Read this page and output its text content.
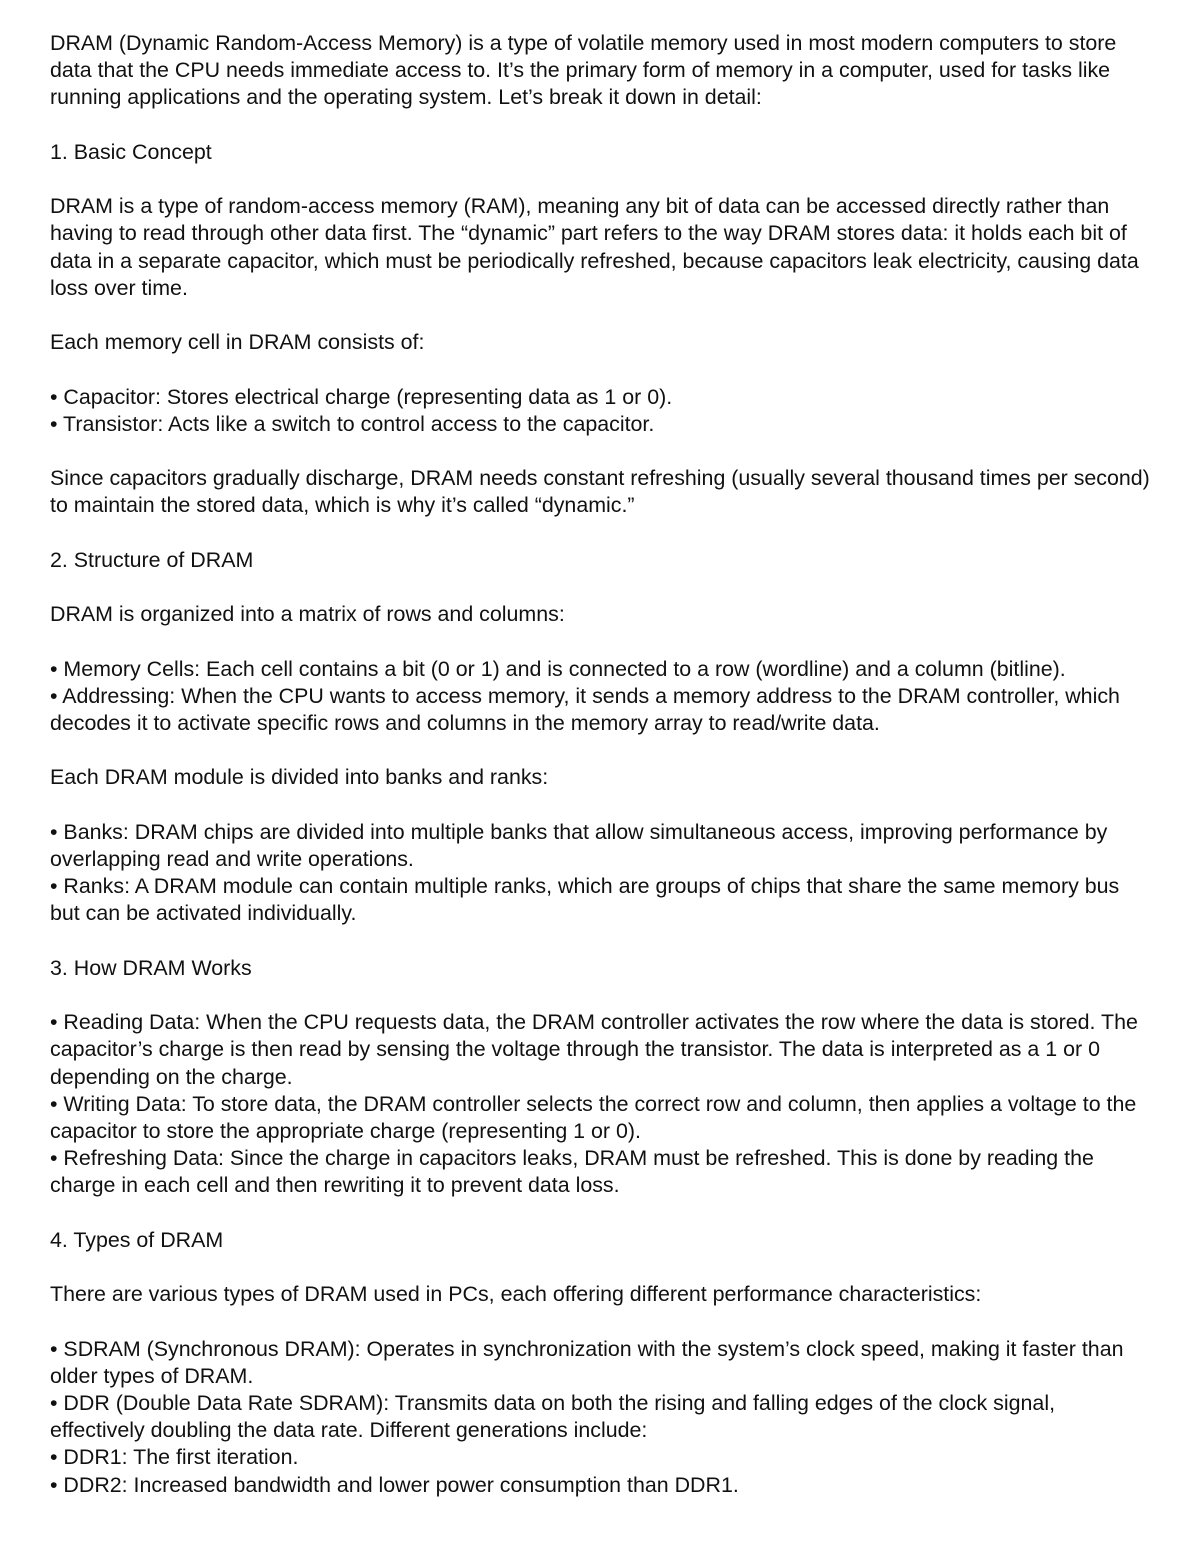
DRAM (Dynamic Random-Access Memory) is a type of volatile memory used in most modern computers to store data that the CPU needs immediate access to. It’s the primary form of memory in a computer, used for tasks like running applications and the operating system. Let’s break it down in detail:

1. Basic Concept

DRAM is a type of random-access memory (RAM), meaning any bit of data can be accessed directly rather than having to read through other data first. The “dynamic” part refers to the way DRAM stores data: it holds each bit of data in a separate capacitor, which must be periodically refreshed, because capacitors leak electricity, causing data loss over time.

Each memory cell in DRAM consists of:

• Capacitor: Stores electrical charge (representing data as 1 or 0).

• Transistor: Acts like a switch to control access to the capacitor.

Since capacitors gradually discharge, DRAM needs constant refreshing (usually several thousand times per second) to maintain the stored data, which is why it’s called “dynamic.”

2. Structure of DRAM

DRAM is organized into a matrix of rows and columns:

• Memory Cells: Each cell contains a bit (0 or 1) and is connected to a row (wordline) and a column (bitline).

• Addressing: When the CPU wants to access memory, it sends a memory address to the DRAM controller, which decodes it to activate specific rows and columns in the memory array to read/write data.

Each DRAM module is divided into banks and ranks:

• Banks: DRAM chips are divided into multiple banks that allow simultaneous access, improving performance by overlapping read and write operations.

• Ranks: A DRAM module can contain multiple ranks, which are groups of chips that share the same memory bus but can be activated individually.

3. How DRAM Works

• Reading Data: When the CPU requests data, the DRAM controller activates the row where the data is stored. The capacitor’s charge is then read by sensing the voltage through the transistor. The data is interpreted as a 1 or 0 depending on the charge.

• Writing Data: To store data, the DRAM controller selects the correct row and column, then applies a voltage to the capacitor to store the appropriate charge (representing 1 or 0).

• Refreshing Data: Since the charge in capacitors leaks, DRAM must be refreshed. This is done by reading the charge in each cell and then rewriting it to prevent data loss.

4. Types of DRAM

There are various types of DRAM used in PCs, each offering different performance characteristics:

• SDRAM (Synchronous DRAM): Operates in synchronization with the system’s clock speed, making it faster than older types of DRAM.

• DDR (Double Data Rate SDRAM): Transmits data on both the rising and falling edges of the clock signal, effectively doubling the data rate. Different generations include:

• DDR1: The first iteration.

• DDR2: Increased bandwidth and lower power consumption than DDR1.
